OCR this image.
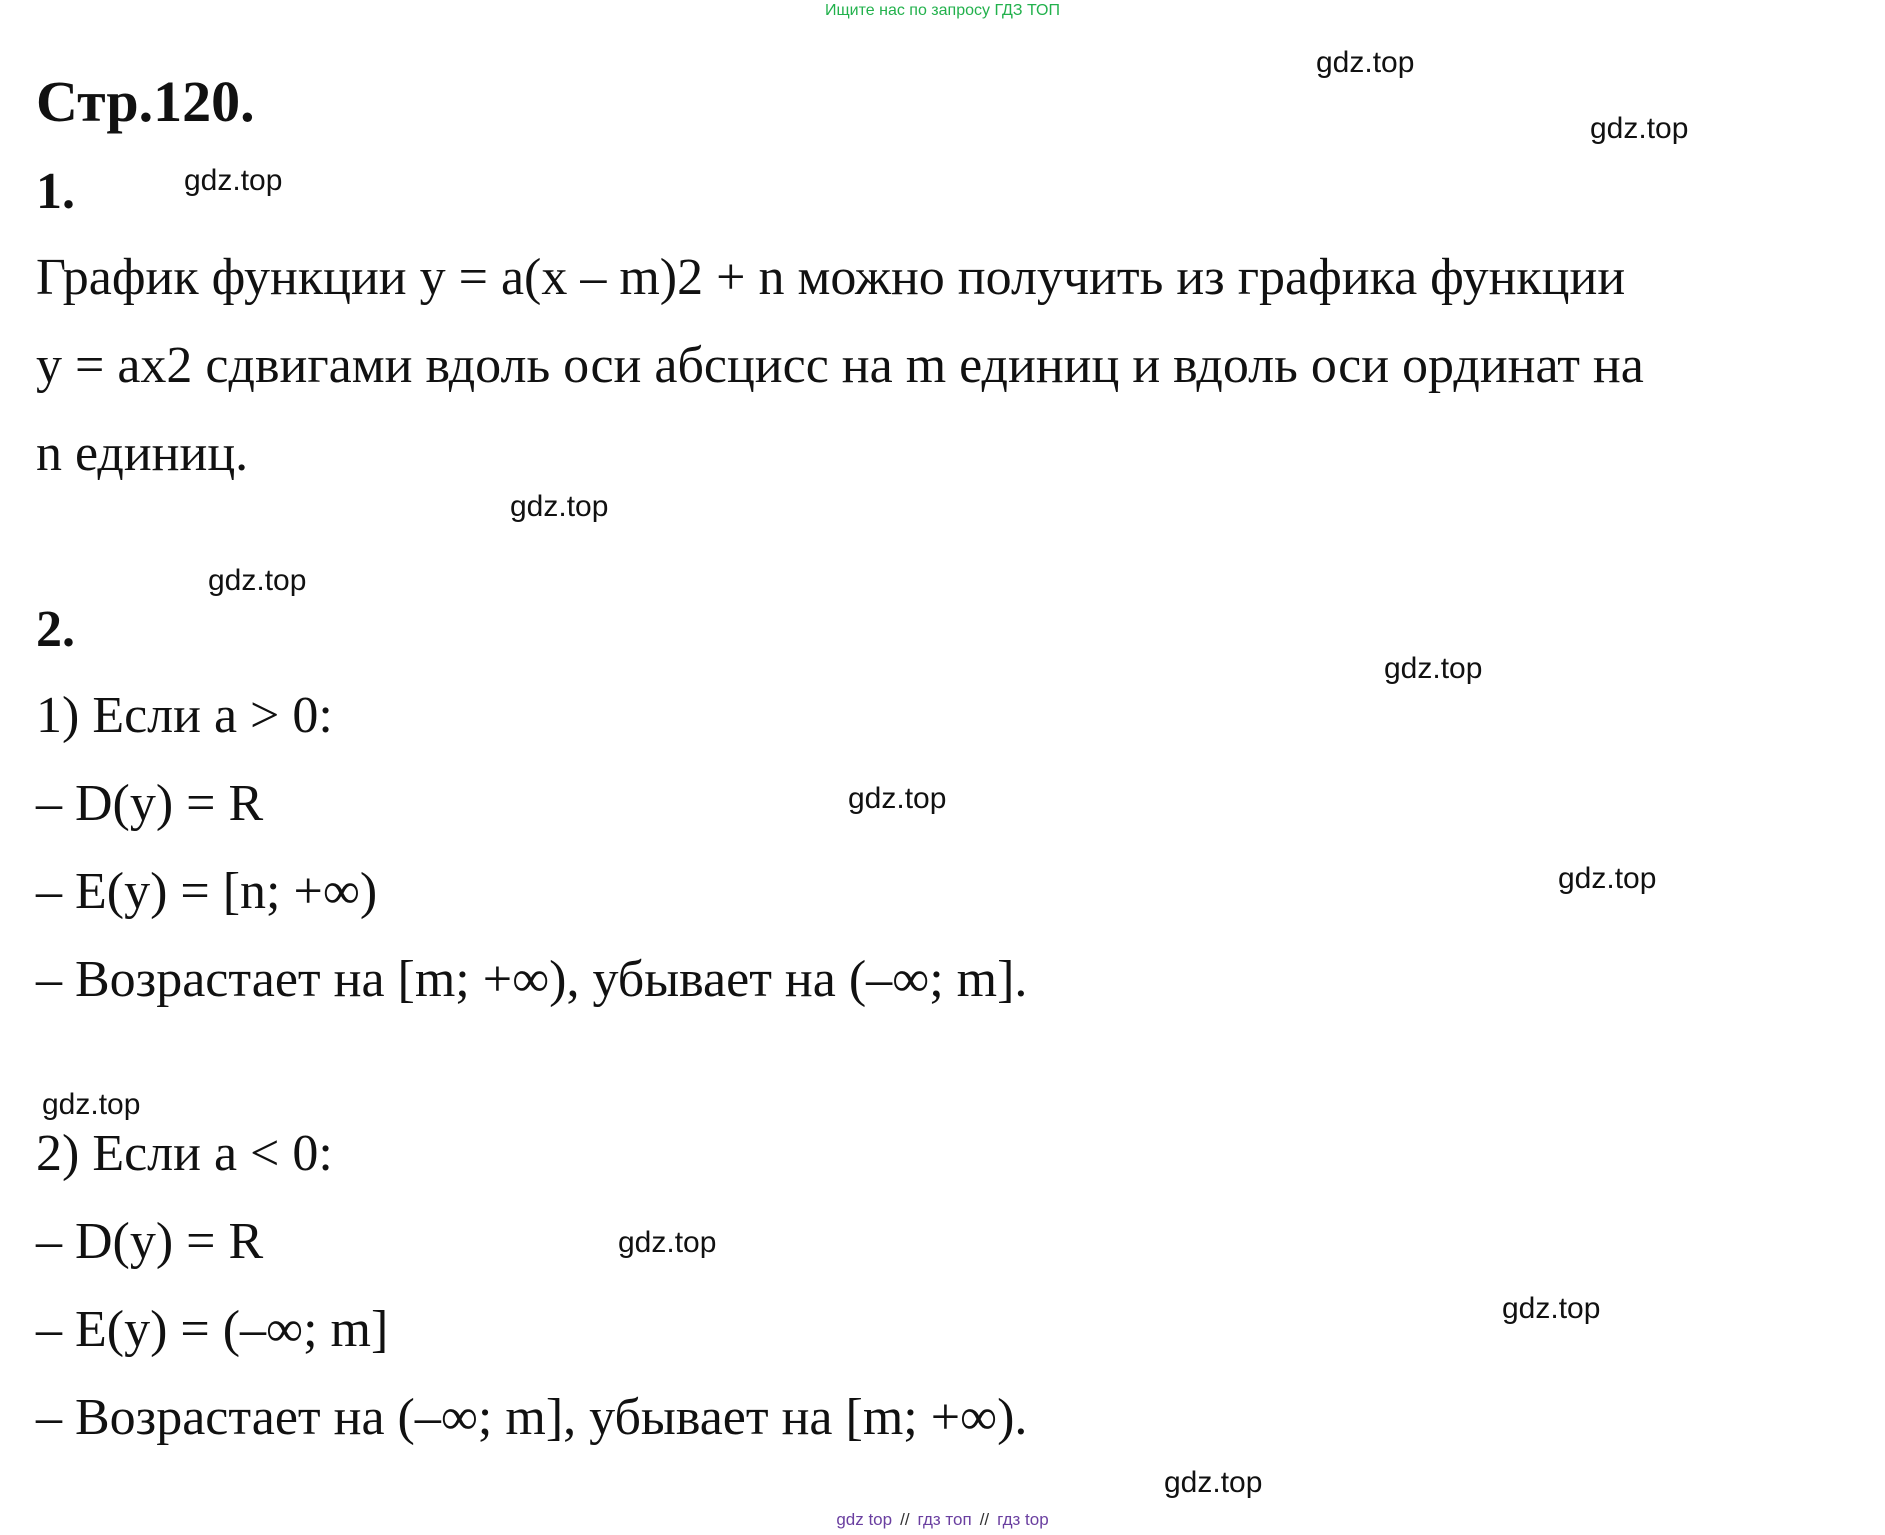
Ищите нас по запросу ГДЗ ТОП
Стр.120.
1.
График функции y = a(x – m)2 + n можно получить из графика функции
y = ax2 сдвигами вдоль оси абсцисс на m единиц и вдоль оси ординат на
n единиц.
2.
1) Если a > 0:
– D(y) = R
– E(y) = [n; +∞)
– Возрастает на [m; +∞), убывает на (–∞; m].
2) Если a < 0:
– D(y) = R
– E(y) = (–∞; m]
– Возрастает на (–∞; m], убывает на [m; +∞).
gdz.top
gdz.top
gdz.top
gdz.top
gdz.top
gdz.top
gdz.top
gdz.top
gdz.top
gdz.top
gdz.top
gdz.top
gdz top // гдз топ // гдз top
